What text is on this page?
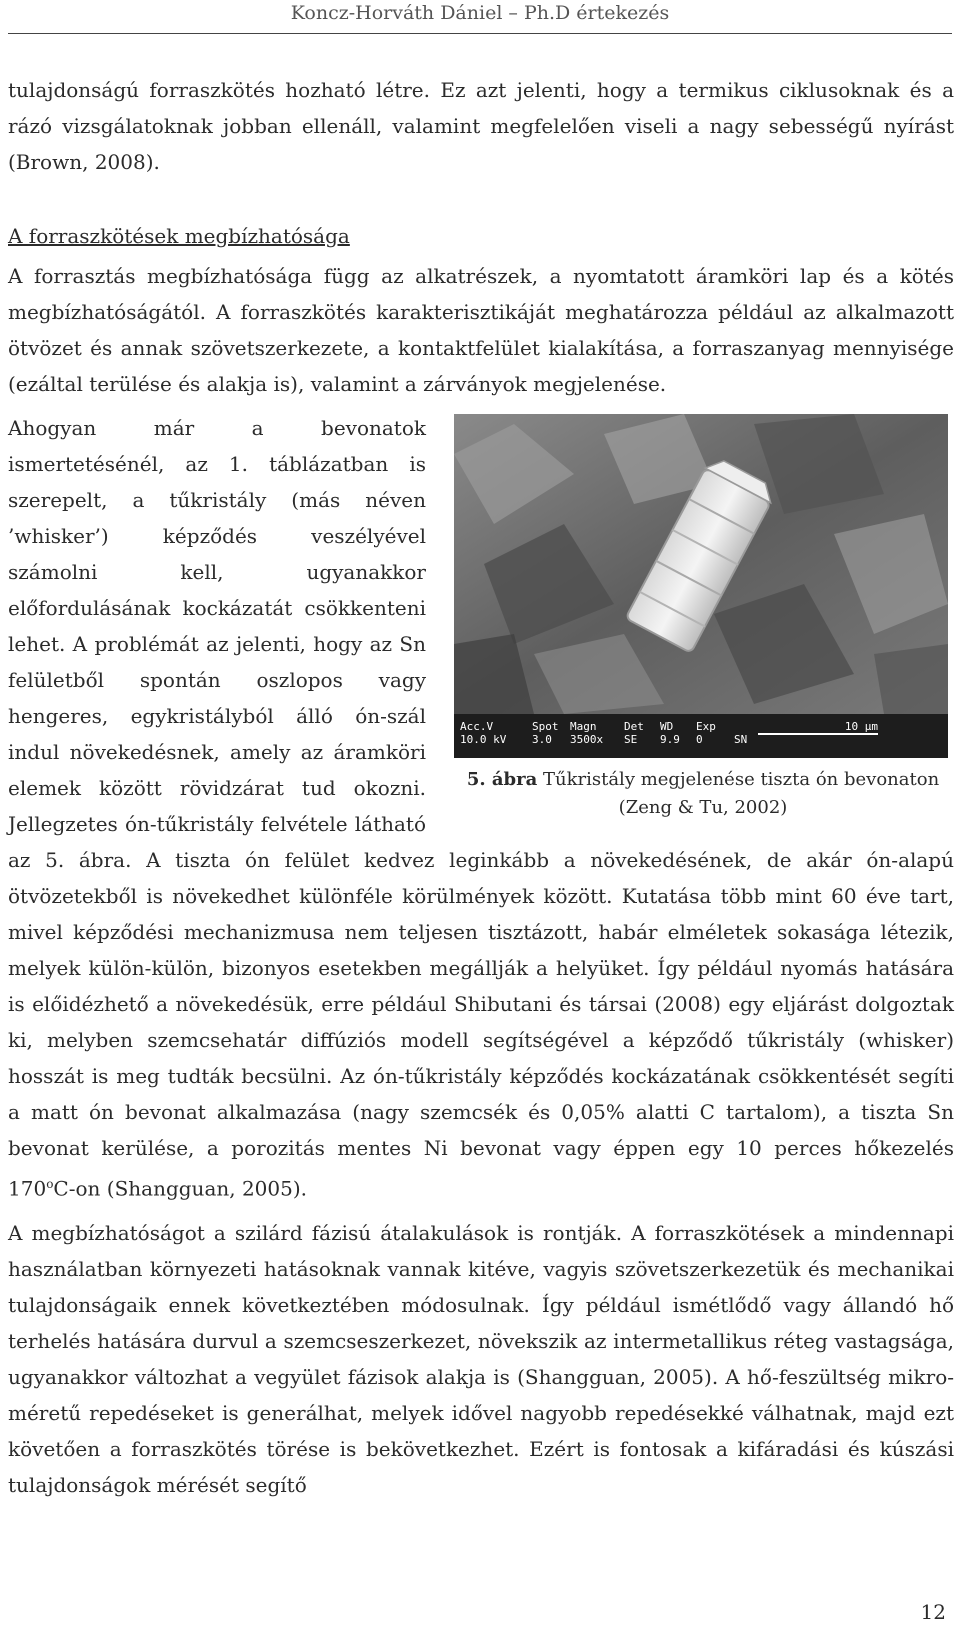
Koncz-Horváth Dániel – Ph.D értekezés

tulajdonságú forraszkötés hozható létre. Ez azt jelenti, hogy a termikus ciklusoknak és a rázó vizsgálatoknak jobban ellenáll, valamint megfelelően viseli a nagy sebességű nyírást (Brown, 2008).

A forraszkötések megbízhatósága

A forrasztás megbízhatósága függ az alkatrészek, a nyomtatott áramköri lap és a kötés megbízhatóságától. A forraszkötés karakterisztikáját meghatározza például az alkalmazott ötvözet és annak szövetszerkezete, a kontaktfelület kialakítása, a forraszanyag mennyisége (ezáltal terülése és alakja is), valamint a zárványok megjelenése.

Acc.V
10.0 kV
Spot
3.0
Magn
3500x
Det
SE
WD
9.9
Exp
0	SN
10 µm
5. ábra Tűkristály megjelenése tiszta ón bevonaton
(Zeng & Tu, 2002)
Ahogyan már a bevonatok ismertetésénél, az 1. táblázatban is szerepelt, a tűkristály (más néven ’whisker’) képződés veszélyével számolni kell, ugyanakkor előfordulásának kockázatát csökkenteni lehet. A problémát az jelenti, hogy az Sn felületből spontán oszlopos vagy hengeres, egykristályból álló ón-szál indul növekedésnek, amely az áramköri elemek között rövidzárat tud okozni. Jellegzetes ón-tűkristály felvétele látható az 5. ábra. A tiszta ón felület kedvez leginkább a növekedésének, de akár ón-alapú ötvözetekből is növekedhet különféle körülmények között. Kutatása több mint 60 éve tart, mivel képződési mechanizmusa nem teljesen tisztázott, habár elméletek sokasága létezik, melyek külön-külön, bizonyos esetekben megállják a helyüket. Így például nyomás hatására is előidézhető a növekedésük, erre például Shibutani és társai (2008) egy eljárást dolgoztak ki, melyben szemcsehatár diffúziós modell segítségével a képződő tűkristály (whisker) hosszát is meg tudták becsülni. Az ón-tűkristály képződés kockázatának csökkentését segíti a matt ón bevonat alkalmazása (nagy szemcsék és 0,05% alatti C tartalom), a tiszta Sn bevonat kerülése, a porozitás mentes Ni bevonat vagy éppen egy 10 perces hőkezelés 170$^o$C-on (Shangguan, 2005).

A megbízhatóságot a szilárd fázisú átalakulások is rontják. A forraszkötések a mindennapi használatban környezeti hatásoknak vannak kitéve, vagyis szövetszerkezetük és mechanikai tulajdonságaik ennek következtében módosulnak. Így például ismétlődő vagy állandó hő terhelés hatására durvul a szemcseszerkezet, növekszik az intermetallikus réteg vastagsága, ugyanakkor változhat a vegyület fázisok alakja is (Shangguan, 2005). A hő-feszültség mikro-méretű repedéseket is generálhat, melyek idővel nagyobb repedésekké válhatnak, majd ezt követően a forraszkötés törése is bekövetkezhet. Ezért is fontosak a kifáradási és kúszási tulajdonságok mérését segítő

12
